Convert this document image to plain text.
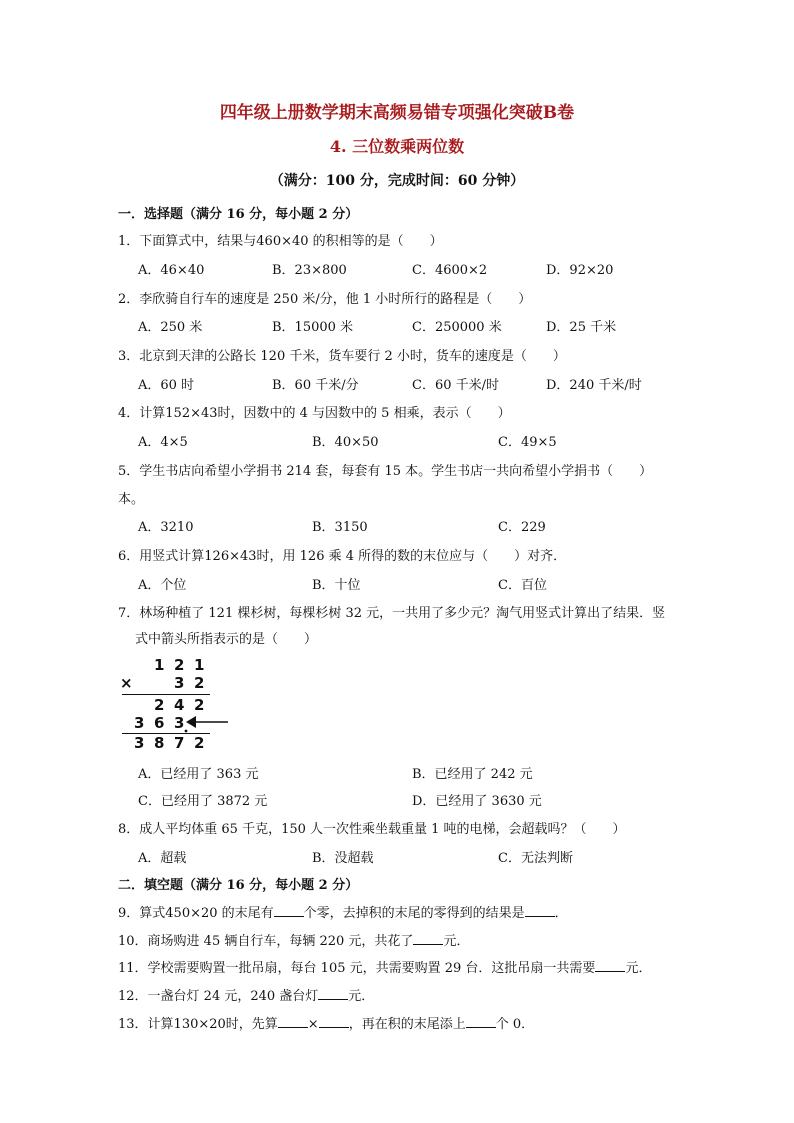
四年级上册数学期末高频易错专项强化突破B卷
4. 三位数乘两位数
（满分：100 分，完成时间：60 分钟）
一．选择题（满分 16 分，每小题 2 分）
1．下面算式中，结果与460×40 的积相等的是（　　）
A．46×40	B．23×800	C．4600×2	D．92×20
2．李欣骑自行车的速度是 250 米/分，他 1 小时所行的路程是（　　）
A．250 米	B．15000 米	C．250000 米	D．25 千米
3．北京到天津的公路长 120 千米，货车要行 2 小时，货车的速度是（　　）
A．60 时	B．60 千米/分	C．60 千米/时	D．240 千米/时
4．计算152×43时，因数中的 4 与因数中的 5 相乘，表示（　　）
A．4×5	B．40×50	C．49×5
5．学生书店向希望小学捐书 214 套，每套有 15 本。学生书店一共向希望小学捐书（　　）
本。
A．3210	B．3150	C．229
6．用竖式计算126×43时，用 126 乘 4 所得的数的末位应与（　　）对齐．
A．个位	B．十位	C．百位
7．林场种植了 121 棵杉树，每棵杉树 32 元，一共用了多少元？淘气用竖式计算出了结果．竖
式中箭头所指表示的是（　　）
1 2 1
×	3 2
2 4 2
3 6 3
3 8 7 2
A．已经用了 363 元	B．已经用了 242 元
C．已经用了 3872 元	D．已经用了 3630 元
8．成人平均体重 65 千克，150 人一次性乘坐载重量 1 吨的电梯，会超载吗？（　　）
A．超载	B．没超载	C．无法判断
二．填空题（满分 16 分，每小题 2 分）
9．算式450×20 的末尾有 个零，去掉积的末尾的零得到的结果是 ．
10．商场购进 45 辆自行车，每辆 220 元，共花了 元．
11．学校需要购置一批吊扇，每台 105 元，共需要购置 29 台．这批吊扇一共需要 元．
12．一盏台灯 24 元，240 盏台灯 元．
13．计算130×20时，先算 × ，再在积的末尾添上 个 0．
